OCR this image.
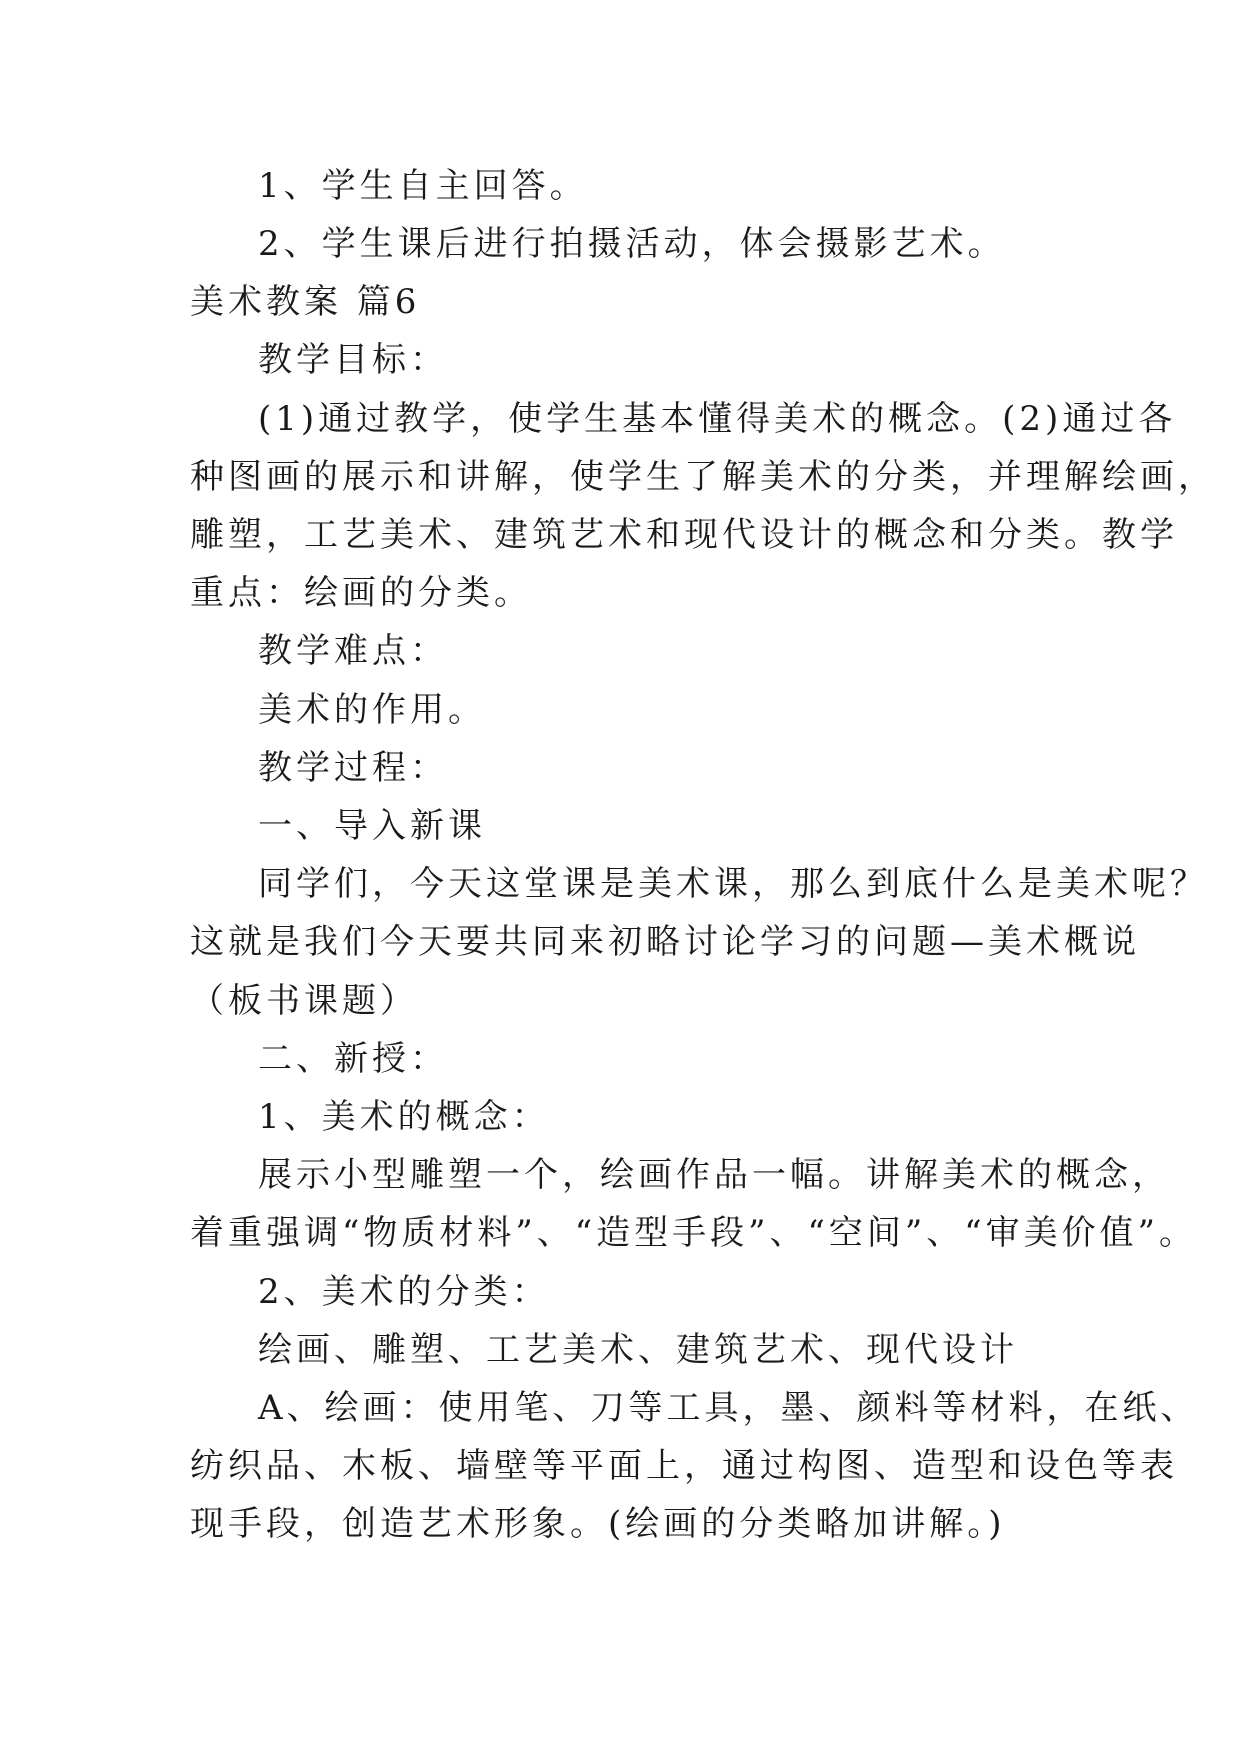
1、学生自主回答。
2、学生课后进行拍摄活动，体会摄影艺术。
美术教案 篇6
教学目标：
(1)通过教学，使学生基本懂得美术的概念。(2)通过各
种图画的展示和讲解，使学生了解美术的分类，并理解绘画，
雕塑，工艺美术、建筑艺术和现代设计的概念和分类。教学
重点：绘画的分类。
教学难点：
美术的作用。
教学过程：
一、导入新课
同学们，今天这堂课是美术课，那么到底什么是美术呢？
这就是我们今天要共同来初略讨论学习的问题—美术概说
（板书课题）
二、新授：
1、美术的概念：
展示小型雕塑一个，绘画作品一幅。讲解美术的概念，
着重强调“物质材料”、“造型手段”、“空间”、“审美价值”。
2、美术的分类：
绘画、雕塑、工艺美术、建筑艺术、现代设计
A、绘画：使用笔、刀等工具，墨、颜料等材料，在纸、
纺织品、木板、墙壁等平面上，通过构图、造型和设色等表
现手段，创造艺术形象。(绘画的分类略加讲解。)
